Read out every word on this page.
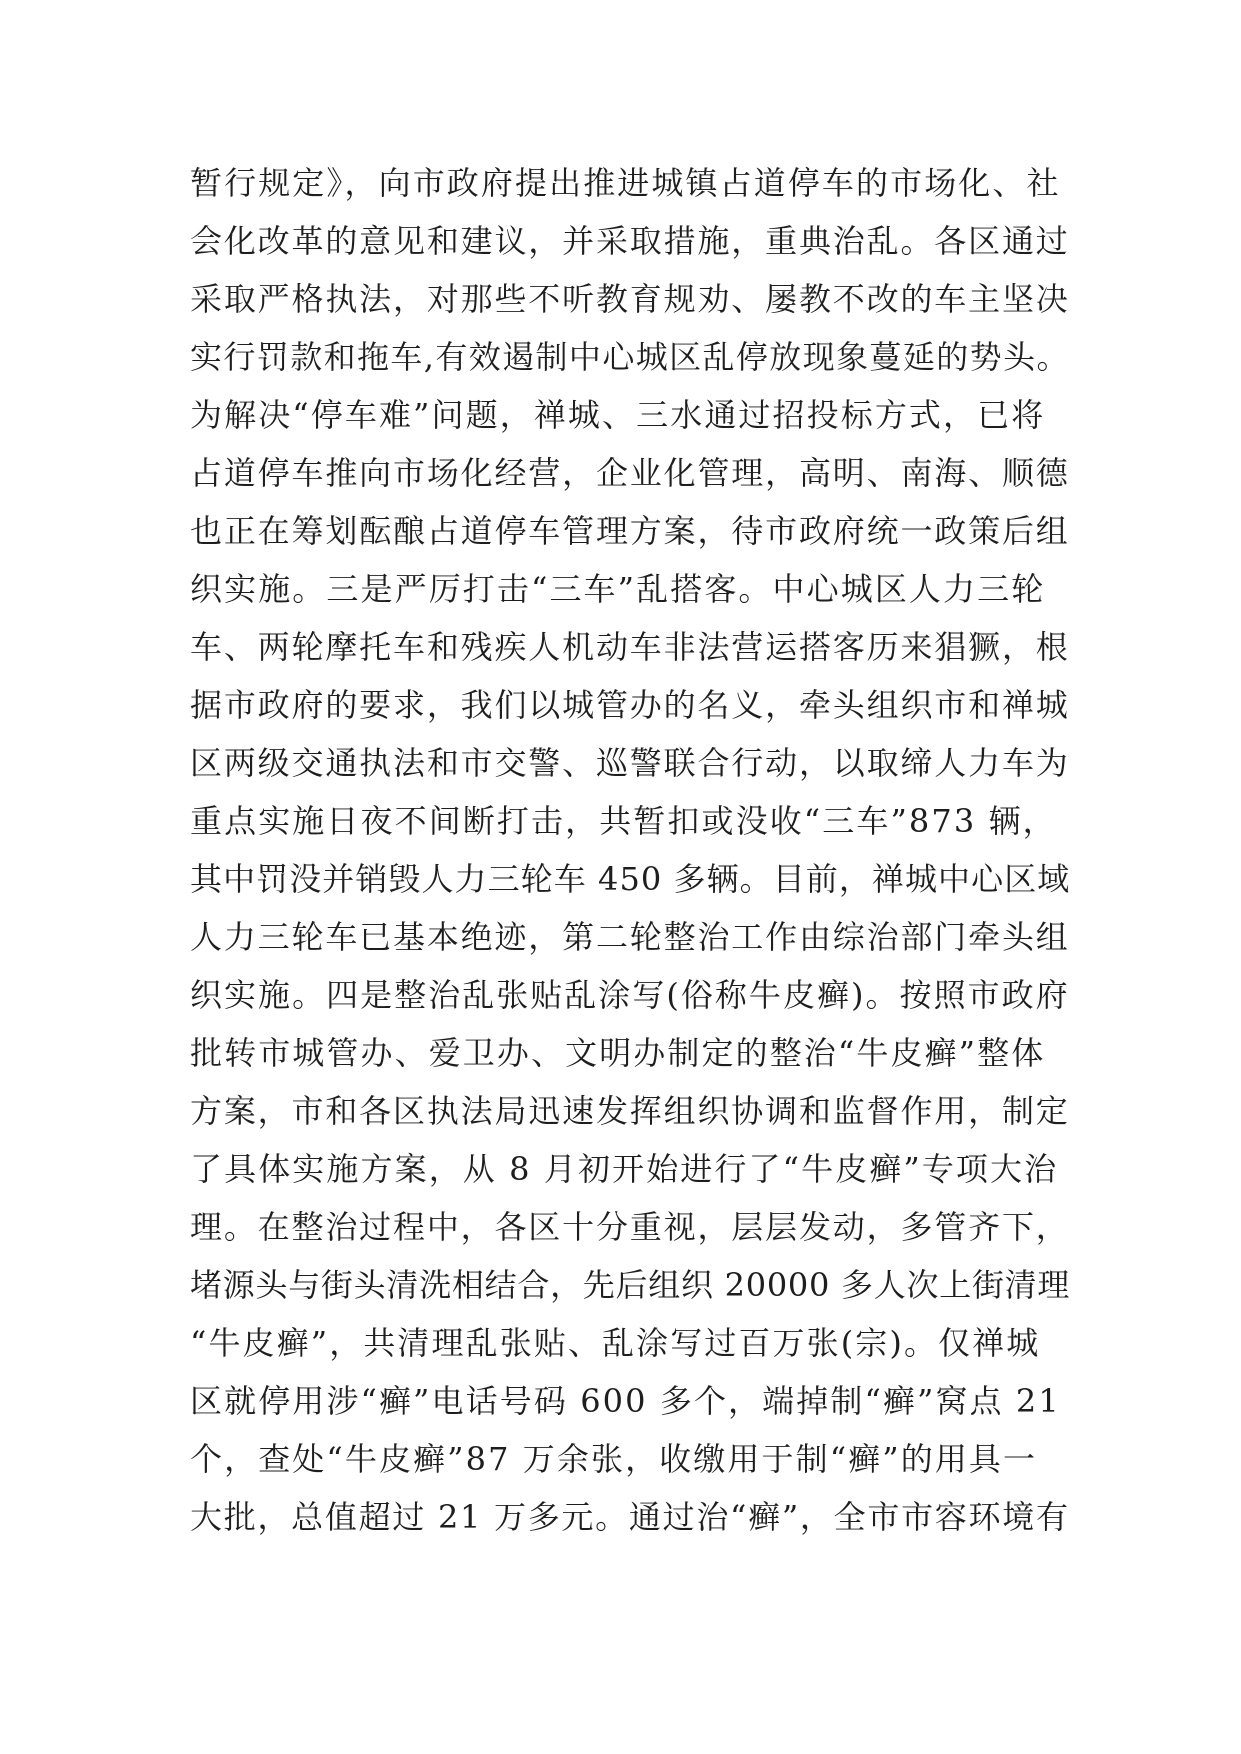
暂行规定》，向市政府提出推进城镇占道停车的市场化、社
会化改革的意见和建议，并采取措施，重典治乱。各区通过
采取严格执法，对那些不听教育规劝、屡教不改的车主坚决
实行罚款和拖车,有效遏制中心城区乱停放现象蔓延的势头。
为解决“停车难”问题，禅城、三水通过招投标方式，已将
占道停车推向市场化经营，企业化管理，高明、南海、顺德
也正在筹划酝酿占道停车管理方案，待市政府统一政策后组
织实施。三是严厉打击“三车”乱搭客。中心城区人力三轮
车、两轮摩托车和残疾人机动车非法营运搭客历来猖獗，根
据市政府的要求，我们以城管办的名义，牵头组织市和禅城
区两级交通执法和市交警、巡警联合行动，以取缔人力车为
重点实施日夜不间断打击，共暂扣或没收“三车”873 辆，
其中罚没并销毁人力三轮车 450 多辆。目前，禅城中心区域
人力三轮车已基本绝迹，第二轮整治工作由综治部门牵头组
织实施。四是整治乱张贴乱涂写(俗称牛皮癣)。按照市政府
批转市城管办、爱卫办、文明办制定的整治“牛皮癣”整体
方案，市和各区执法局迅速发挥组织协调和监督作用，制定
了具体实施方案，从 8 月初开始进行了“牛皮癣”专项大治
理。在整治过程中，各区十分重视，层层发动，多管齐下，
堵源头与街头清洗相结合，先后组织 20000 多人次上街清理
“牛皮癣”，共清理乱张贴、乱涂写过百万张(宗)。仅禅城
区就停用涉“癣”电话号码 600 多个，端掉制“癣”窝点 21
个，查处“牛皮癣”87 万余张，收缴用于制“癣”的用具一
大批，总值超过 21 万多元。通过治“癣”，全市市容环境有
